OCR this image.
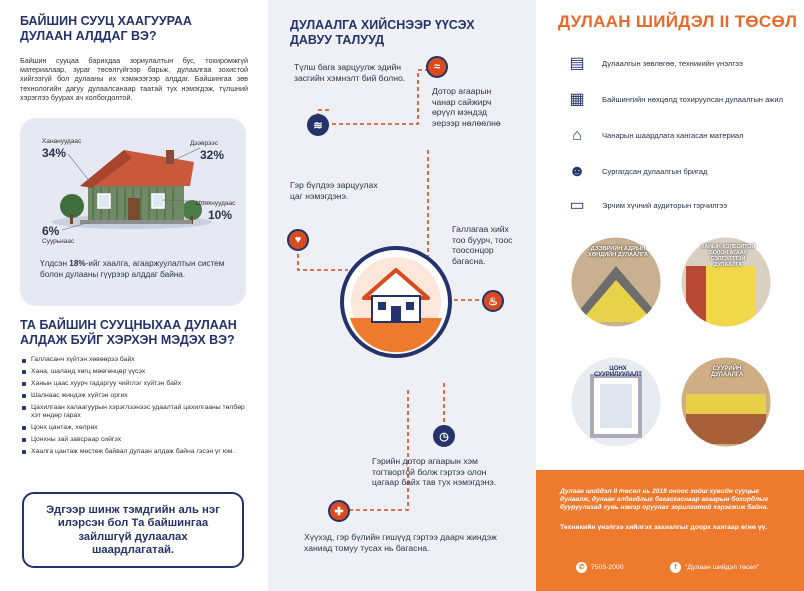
БАЙШИН СУУЦ ХААГУУРАА ДУЛААН АЛДДАГ ВЭ?
Байшин сууцаа барихдаа зориулалтын бус, тохиромжгүй материалаар, зураг төсөлгүйгээр барьж, дулаалгаа зохистой хийгээгүй бол дулааны их хэмжээгээр алддаг. Байшингаа зөв технологийн дагуу дулаалсанаар таатай тух нэмэгдэж, түлшний хэрэглээ буурах ач холбогдолтой.
Ханануудаас
34%
Дээврээс
32%
Цонхнуудаас
10%
6%
Суурьнаас
Үлдсэн 18%-ийг хаалга, агааржуулалтын систем болон дулааны гүүрээр алддаг байна.
ТА БАЙШИН СУУЦНЫХАА ДУЛААН АЛДАЖ БУЙГ ХЭРХЭН МЭДЭХ ВЭ?
Галласанч хүйтэн хөвөөрээ байх
Хана, шаланд хөгц мөөгөнцөр үүсэх
Ханын цаас хуурч гадаргуу чийглэг хүйтэн байх
Шалнаас жиндэж хүйтэн оргих
Цахилгаан халаагуурын хэрэглээнээс удаалтай цахилгааны төлбөр хэт өндөр гарах
Цонх цантаж, хөлрөх
Цонхны зай завсраар сийгэх
Хаалга цантаж мөстөж байвал дулаан алдаж байна гэсэн үг юм.
Эдгээр шинж тэмдгийн аль нэг илэрсэн бол Та байшингаа зайлшгүй дулаалах шаардлагатай.
ДУЛААЛГА ХИЙСНЭЭР ҮҮСЭХ ДАВУУ ТАЛУУД
≋
≈
♥
♨
◷
✚
Түлш бага зарцуулж эдийн засгийн хэмнэлт бий болно.
Дотор агаарын чанар сайжирч өрүүл мэндэд эерээр нөлөөлнө
Гэр бүлдээ зарцуулах цаг нэмэгдэнэ.
Галлагаа хийх тоо буурч, тоос тоосонцор багасна.
Гэрийн дотор агаарын хэм тогтвортой болж гэртээ олон цагаар байх тав тух нэмэгдэнэ.
Хүүхэд, гэр бүлийн гишүүд гэртээ даарч жиндэж ханиад томуу тусах нь багасна.
ДУЛААН ШИЙДЭЛ II ТӨСӨЛ
▤	Дулаалгын зөвлөгөө, техникийн үнэлгээ
▦	Байшингийн нөхцөлд тохируулсан дулаалгын ажил
⌂	Чанарын шаардлага хангасан материал
☻	Сургагдсан дулаалгын бригад
▭	Эрчим хүчний аудиторын гэрчилгээ
ДЭЭВРИЙН АДРЫН ХӨНДИЙН ДУЛААЛГА
ХАНЫН ХОЛБОЛТОЙ БОЛОН АГААР СЭЛГЭЛТТЭЙ ДУЛААЛГА
ЦОНХ СУУРИЛУУЛАЛТ
СУУРИЙН ДУЛААЛГА
Дулаан шийдэл II төсөл нь 2018 оноос хойш хувийн сууцыг дулаалж, дулаан алдагдлыг багасгаснаар агаарын бохирдлыг бууруулахад хувь нэмэр оруулах зорилготой хэрэгжиж байна.
Техникийн үнэлгээ хийлгэх захиалгыг доорх хаягаар өгнө үү.
✆ 7505-2000	f	"Дулаан шийдэл төсөл"
